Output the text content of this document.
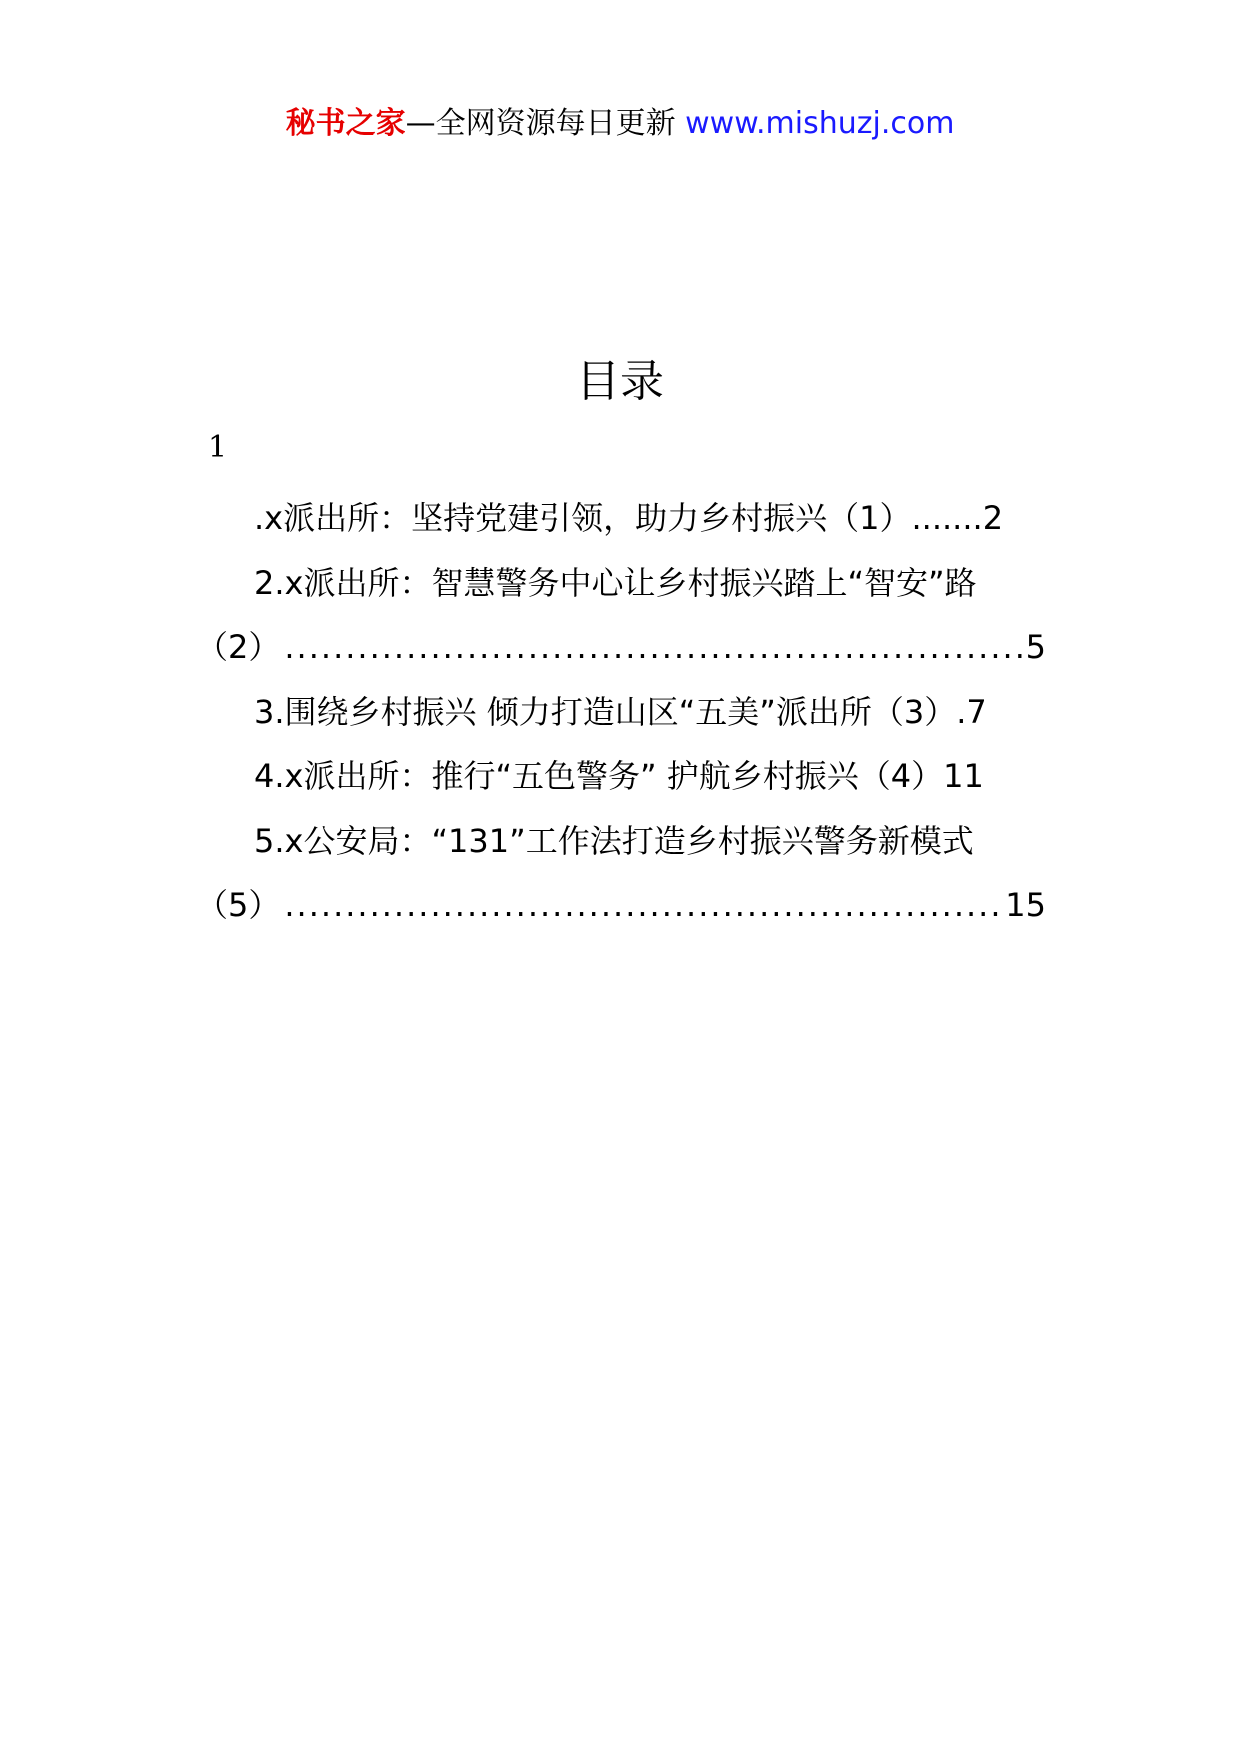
秘书之家—全网资源每日更新 www.mishuzj.com
目录
1
.x派出所：坚持党建引领，助力乡村振兴（1） ....... 2
2.x派出所：智慧警务中心让乡村振兴踏上“智安”路
（2） .....	5
3.围绕乡村振兴 倾力打造山区“五美”派出所（3） . 7
4.x派出所：推行“五色警务” 护航乡村振兴（4） 11
5.x公安局：“131”工作法打造乡村振兴警务新模式
（5） .....	15
